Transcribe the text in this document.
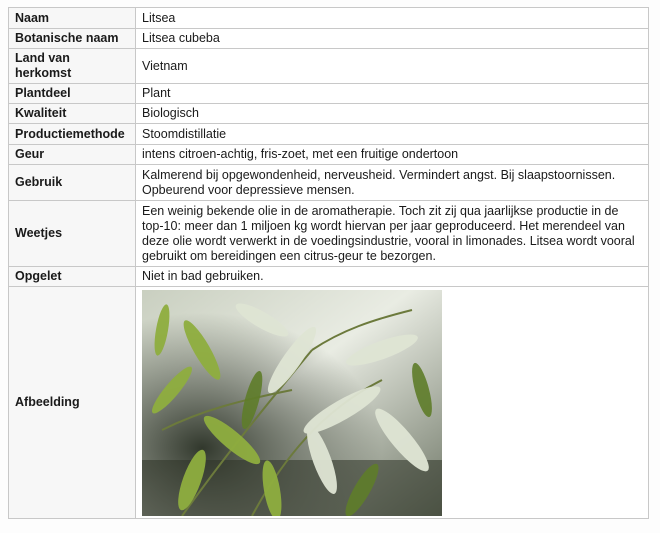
Naam	Litsea
Botanische naam	Litsea cubeba
Land van herkomst	Vietnam
Plantdeel	Plant
Kwaliteit	Biologisch
Productiemethode	Stoomdistillatie
Geur	intens citroen-achtig, fris-zoet, met een fruitige ondertoon
Gebruik	Kalmerend bij opgewondenheid, nerveusheid. Vermindert angst. Bij slaapstoornissen. Opbeurend voor depressieve mensen.
Weetjes	Een weinig bekende olie in de aromatherapie. Toch zit zij qua jaarlijkse productie in de top-10: meer dan 1 miljoen kg wordt hiervan per jaar geproduceerd. Het merendeel van deze olie wordt verwerkt in de voedingsindustrie, vooral in limonades. Litsea wordt vooral gebruikt om bereidingen een citrus-geur te bezorgen.
Opgelet	Niet in bad gebruiken.
Afbeelding	
